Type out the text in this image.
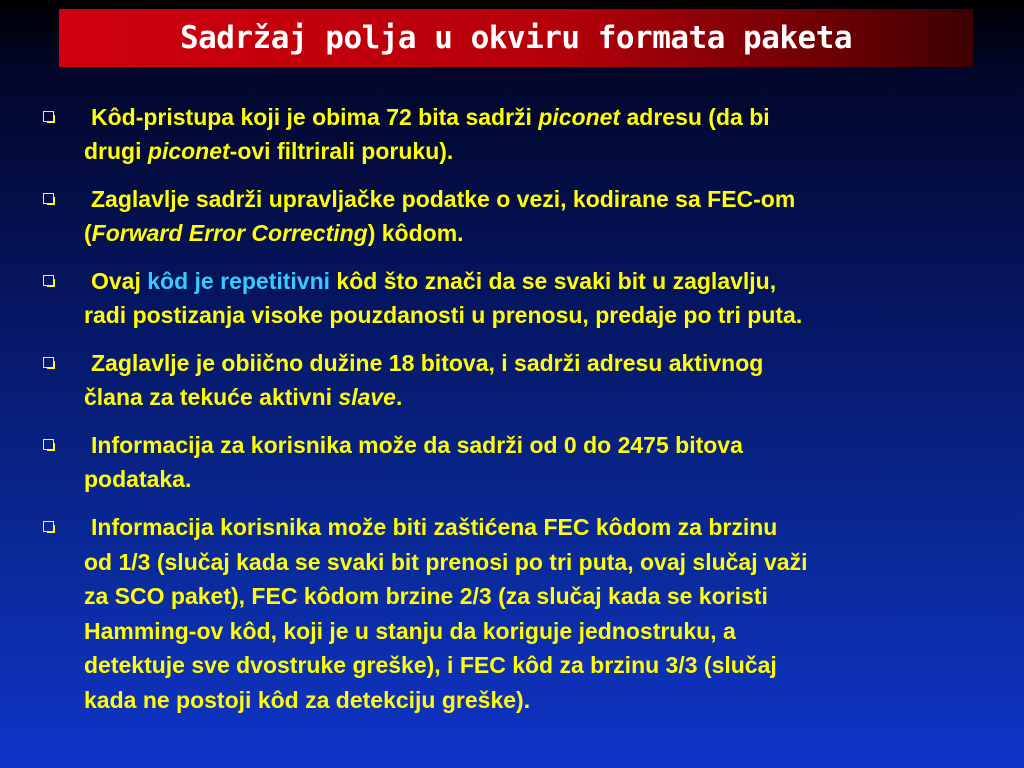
Sadržaj polja u okviru formata paketa
Kôd-pristupa koji je obima 72 bita sadrži piconet adresu (da bi
drugi piconet-ovi filtrirali poruku).
Zaglavlje sadrži upravljačke podatke o vezi, kodirane sa FEC-om
(Forward Error Correcting) kôdom.
Ovaj kôd je repetitivni kôd što znači da se svaki bit u zaglavlju,
radi postizanja visoke pouzdanosti u prenosu, predaje po tri puta.
Zaglavlje je obiično dužine 18 bitova, i sadrži adresu aktivnog
člana za tekuće aktivni slave.
Informacija za korisnika može da sadrži od 0 do 2475 bitova
podataka.
Informacija korisnika može biti zaštićena FEC kôdom za brzinu
od 1/3 (slučaj kada se svaki bit prenosi po tri puta, ovaj slučaj važi
za SCO paket), FEC kôdom brzine 2/3 (za slučaj kada se koristi
Hamming-ov kôd, koji je u stanju da koriguje jednostruku, a
detektuje sve dvostruke greške), i FEC kôd za brzinu 3/3 (slučaj
kada ne postoji kôd za detekciju greške).
